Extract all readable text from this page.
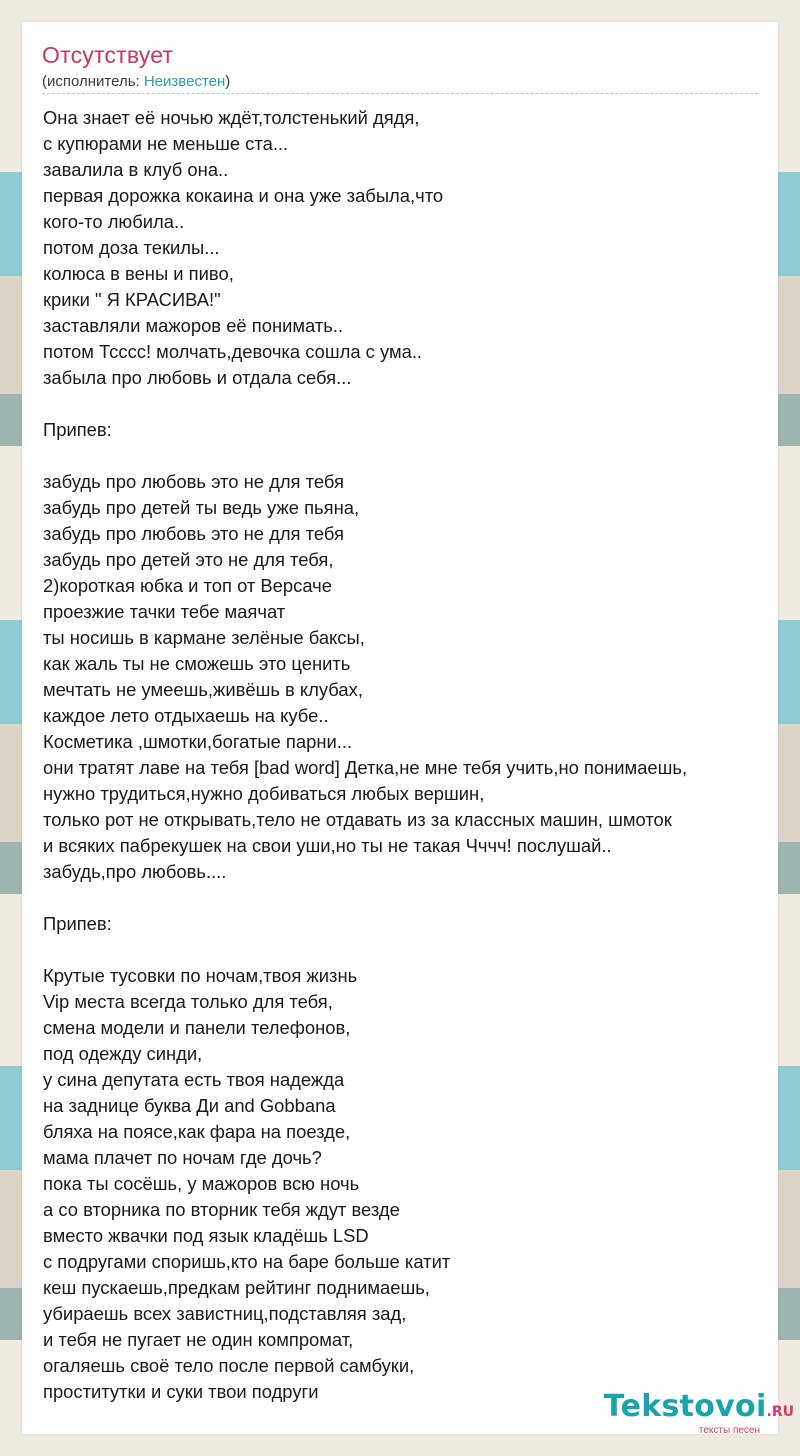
Отсутствует
(исполнитель: Неизвестен)
Она знает её ночью ждёт,толстенький дядя,
с купюрами не меньше ста...
завалила в клуб она..
первая дорожка кокаина и она уже забыла,что
кого-то любила..
потом доза текилы...
колюса в вены и пиво,
крики " Я КРАСИВА!"
заставляли мажоров её понимать..
потом Тсссс! молчать,девочка сошла с ума..
забыла про любовь и отдала себя...
Припев:
забудь про любовь это не для тебя
забудь про детей ты ведь уже пьяна,
забудь про любовь это не для тебя
забудь про детей это не для тебя,
2)короткая юбка и топ от Версаче
проезжие тачки тебе маячат
ты носишь в кармане зелёные баксы,
как жаль ты не сможешь это ценить
мечтать не умеешь,живёшь в клубах,
каждое лето отдыхаешь на кубе..
Косметика ,шмотки,богатые парни...
они тратят лаве на тебя [bad word] Детка,не мне тебя учить,но понимаешь,
нужно трудиться,нужно добиваться любых вершин,
только рот не открывать,тело не отдавать из за классных машин, шмоток
и всяких пабрекушек на свои уши,но ты не такая Чччч! послушай..
забудь,про любовь....
Припев:
Крутые тусовки по ночам,твоя жизнь
Vip места всегда только для тебя,
смена модели и панели телефонов,
под одежду синди,
у сина депутата есть твоя надежда
на заднице буква Ди and Gobbana
бляха на поясе,как фара на поезде,
мама плачет по ночам где дочь?
пока ты сосёшь, у мажоров всю ночь
а со вторника по вторник тебя ждут везде
вместо жвачки под язык кладёшь LSD
с подругами споришь,кто на баре больше катит
кеш пускаешь,предкам рейтинг поднимаешь,
убираешь всех завистниц,подставляя зад,
и тебя не пугает не один компромат,
огаляешь своё тело после первой самбуки,
проститутки и суки твои подруги	Tekstovoi.RU
тексты песен
